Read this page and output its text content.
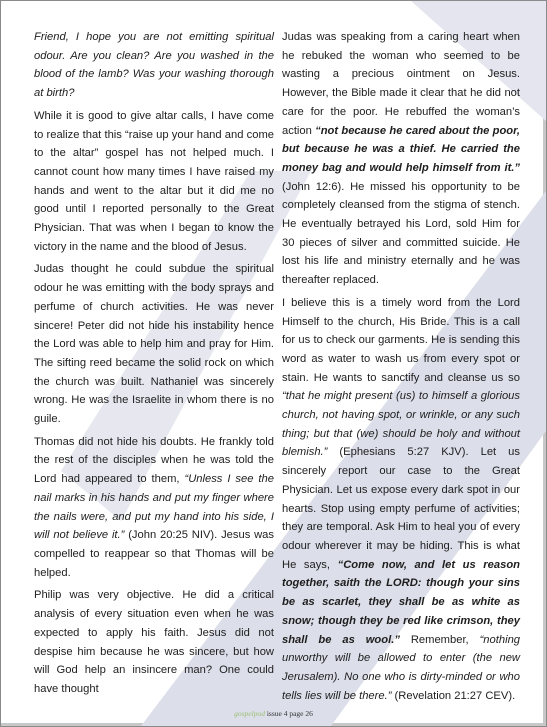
Friend, I hope you are not emitting spiritual odour. Are you clean? Are you washed in the blood of the lamb? Was your washing thorough at birth?

While it is good to give altar calls, I have come to realize that this “raise up your hand and come to the altar” gospel has not helped much. I cannot count how many times I have raised my hands and went to the altar but it did me no good until I reported personally to the Great Physician. That was when I began to know the victory in the name and the blood of Jesus.

Judas thought he could subdue the spiritual odour he was emitting with the body sprays and perfume of church activities. He was never sincere! Peter did not hide his instability hence the Lord was able to help him and pray for Him. The sifting reed became the solid rock on which the church was built. Nathaniel was sincerely wrong. He was the Israelite in whom there is no guile.

Thomas did not hide his doubts. He frankly told the rest of the disciples when he was told the Lord had appeared to them, “Unless I see the nail marks in his hands and put my finger where the nails were, and put my hand into his side, I will not believe it.” (John 20:25 NIV). Jesus was compelled to reappear so that Thomas will be helped.

Philip was very objective. He did a critical analysis of every situation even when he was expected to apply his faith. Jesus did not despise him because he was sincere, but how will God help an insincere man? One could have thought

Judas was speaking from a caring heart when he rebuked the woman who seemed to be wasting a precious ointment on Jesus. However, the Bible made it clear that he did not care for the poor. He rebuffed the woman’s action “not because he cared about the poor, but because he was a thief. He carried the money bag and would help himself from it.” (John 12:6). He missed his opportunity to be completely cleansed from the stigma of stench. He eventually betrayed his Lord, sold Him for 30 pieces of silver and committed suicide. He lost his life and ministry eternally and he was thereafter replaced.

I believe this is a timely word from the Lord Himself to the church, His Bride. This is a call for us to check our garments. He is sending this word as water to wash us from every spot or stain. He wants to sanctify and cleanse us so “that he might present (us) to himself a glorious church, not having spot, or wrinkle, or any such thing; but that (we) should be holy and without blemish.” (Ephesians 5:27 KJV). Let us sincerely report our case to the Great Physician. Let us expose every dark spot in our hearts. Stop using empty perfume of activities; they are temporal. Ask Him to heal you of every odour wherever it may be hiding. This is what He says, “Come now, and let us reason together, saith the LORD: though your sins be as scarlet, they shall be as white as snow; though they be red like crimson, they shall be as wool.” Remember, “nothing unworthy will be allowed to enter (the new Jerusalem). No one who is dirty-minded or who tells lies will be there.” (Revelation 21:27 CEV).

gospelpod issue 4 page 26
